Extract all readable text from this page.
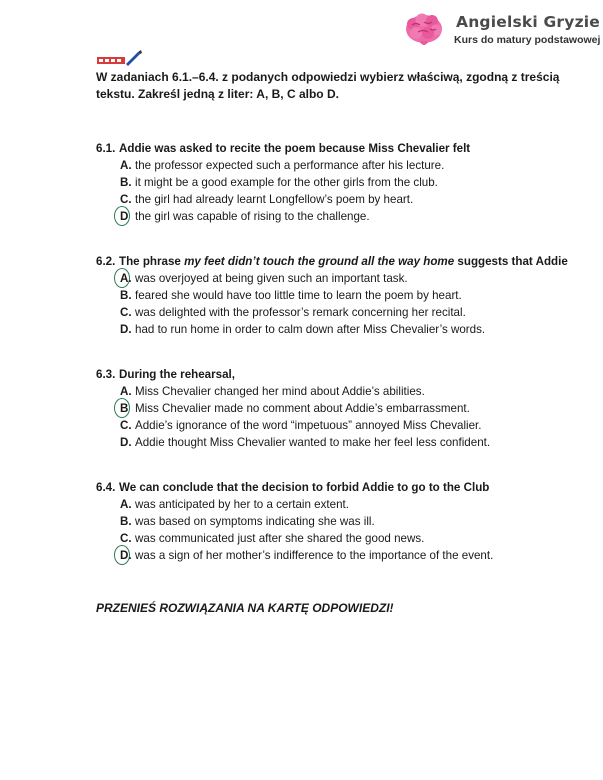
Angielski Gryzie
Kurs do matury podstawowej
W zadaniach 6.1.–6.4. z podanych odpowiedzi wybierz właściwą, zgodną z treścią tekstu. Zakreśl jedną z liter: A, B, C albo D.
6.1. Addie was asked to recite the poem because Miss Chevalier felt
A. the professor expected such a performance after his lecture.
B. it might be a good example for the other girls from the club.
C. the girl had already learnt Longfellow’s poem by heart.
D the girl was capable of rising to the challenge.
6.2. The phrase my feet didn’t touch the ground all the way home suggests that Addie
A. was overjoyed at being given such an important task.
B. feared she would have too little time to learn the poem by heart.
C. was delighted with the professor’s remark concerning her recital.
D. had to run home in order to calm down after Miss Chevalier’s words.
6.3. During the rehearsal,
A. Miss Chevalier changed her mind about Addie’s abilities.
B Miss Chevalier made no comment about Addie’s embarrassment.
C. Addie’s ignorance of the word “impetuous” annoyed Miss Chevalier.
D. Addie thought Miss Chevalier wanted to make her feel less confident.
6.4. We can conclude that the decision to forbid Addie to go to the Club
A. was anticipated by her to a certain extent.
B. was based on symptoms indicating she was ill.
C. was communicated just after she shared the good news.
D. was a sign of her mother’s indifference to the importance of the event.
PRZENIEŚ ROZWIĄZANIA NA KARTĘ ODPOWIEDZI!
